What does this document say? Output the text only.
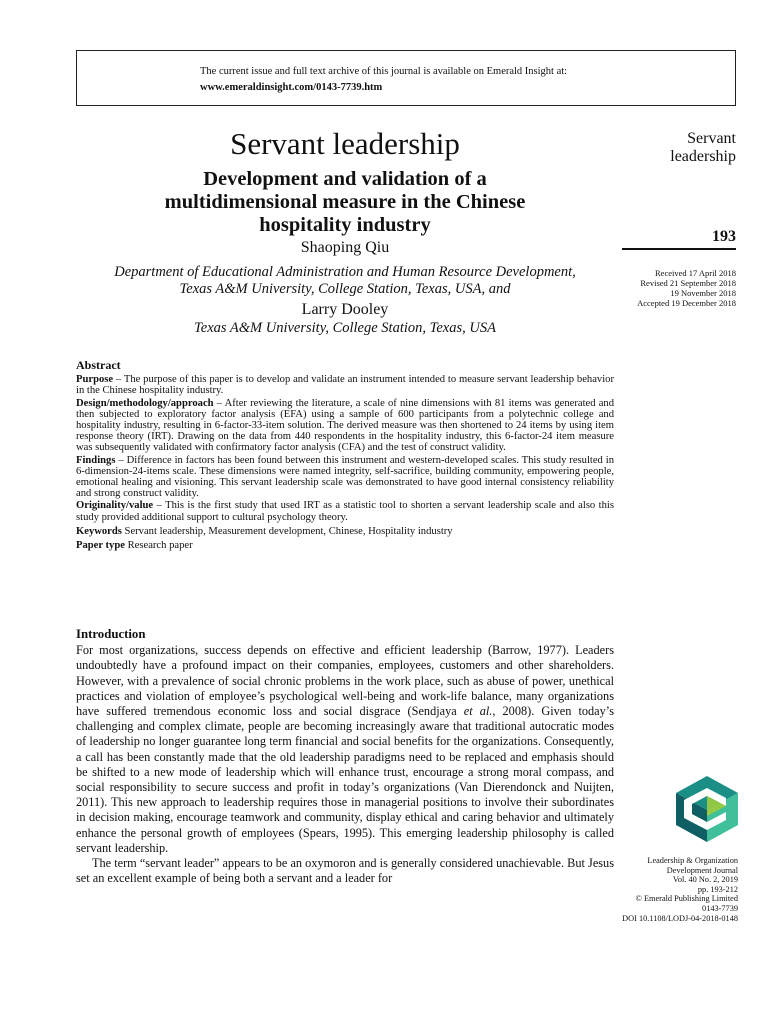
The current issue and full text archive of this journal is available on Emerald Insight at:
www.emeraldinsight.com/0143-7739.htm
Servant leadership
Development and validation of a
multidimensional measure in the Chinese
hospitality industry
Shaoping Qiu
Department of Educational Administration and Human Resource Development,
Texas A&M University, College Station, Texas, USA, and
Larry Dooley
Texas A&M University, College Station, Texas, USA
Servant
leadership
193
Received 17 April 2018
Revised 21 September 2018
19 November 2018
Accepted 19 December 2018
Abstract

Purpose – The purpose of this paper is to develop and validate an instrument intended to measure servant leadership behavior in the Chinese hospitality industry.

Design/methodology/approach – After reviewing the literature, a scale of nine dimensions with 81 items was generated and then subjected to exploratory factor analysis (EFA) using a sample of 600 participants from a polytechnic college and hospitality industry, resulting in 6-factor-33-item solution. The derived measure was then shortened to 24 items by using item response theory (IRT). Drawing on the data from 440 respondents in the hospitality industry, this 6-factor-24 item measure was subsequently validated with confirmatory factor analysis (CFA) and the test of construct validity.

Findings – Difference in factors has been found between this instrument and western-developed scales. This study resulted in 6-dimension-24-items scale. These dimensions were named integrity, self-sacrifice, building community, empowering people, emotional healing and visioning. This servant leadership scale was demonstrated to have good internal consistency reliability and strong construct validity.

Originality/value – This is the first study that used IRT as a statistic tool to shorten a servant leadership scale and also this study provided additional support to cultural psychology theory.

Keywords Servant leadership, Measurement development, Chinese, Hospitality industry

Paper type Research paper

Introduction

For most organizations, success depends on effective and efficient leadership (Barrow, 1977). Leaders undoubtedly have a profound impact on their companies, employees, customers and other shareholders. However, with a prevalence of social chronic problems in the work place, such as abuse of power, unethical practices and violation of employee’s psychological well-being and work-life balance, many organizations have suffered tremendous economic loss and social disgrace (Sendjaya et al., 2008). Given today’s challenging and complex climate, people are becoming increasingly aware that traditional autocratic modes of leadership no longer guarantee long term financial and social benefits for the organizations. Consequently, a call has been constantly made that the old leadership paradigms need to be replaced and emphasis should be shifted to a new mode of leadership which will enhance trust, encourage a strong moral compass, and social responsibility to secure success and profit in today’s organizations (Van Dierendonck and Nuijten, 2011). This new approach to leadership requires those in managerial positions to involve their subordinates in decision making, encourage teamwork and community, display ethical and caring behavior and ultimately enhance the personal growth of employees (Spears, 1995). This emerging leadership philosophy is called servant leadership.

The term “servant leader” appears to be an oxymoron and is generally considered unachievable. But Jesus set an excellent example of being both a servant and a leader for

Leadership & Organization
Development Journal
Vol. 40 No. 2, 2019
pp. 193-212
© Emerald Publishing Limited
0143-7739
DOI 10.1108/LODJ-04-2018-0148
